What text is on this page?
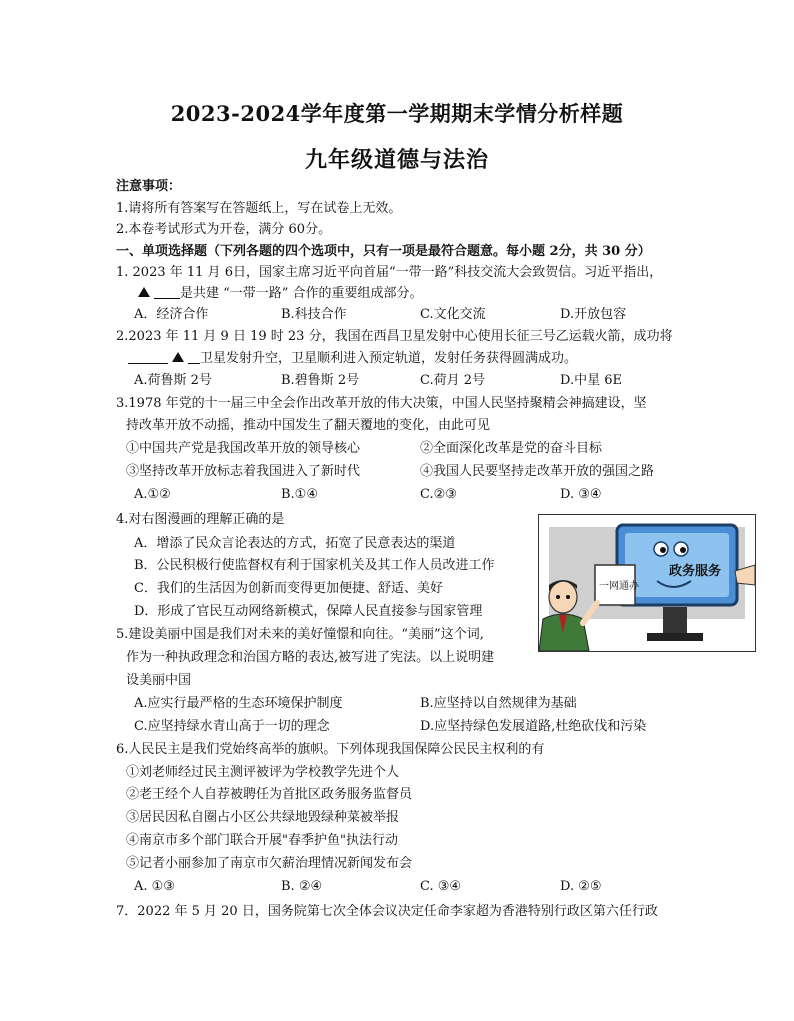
2023-2024学年度第一学期期末学情分析样题
九年级道德与法治
注意事项：
1.请将所有答案写在答题纸上，写在试卷上无效。
2.本卷考试形式为开卷，满分 60分。
一、单项选择题（下列各题的四个选项中，只有一项是最符合题意。每小题 2分，共 30 分）
1. 2023 年 11 月 6日，国家主席习近平向首届“一带一路”科技交流大会致贺信。习近平指出，
是共建 “一带一路” 合作的重要组成部分。
A．经济合作	B.科技合作	C.文化交流	D.开放包容
2.2023 年 11 月 9 日 19 时 23 分，我国在西昌卫星发射中心使用长征三号乙运载火箭，成功将
卫星发射升空，卫星顺利进入预定轨道，发射任务获得圆满成功。
A.荷鲁斯 2号	B.碧鲁斯 2号	C.荷月 2号	D.中星 6E
3.1978 年党的十一届三中全会作出改革开放的伟大决策，中国人民坚持聚精会神搞建设，坚
持改革开放不动摇，推动中国发生了翻天覆地的变化，由此可见
①中国共产党是我国改革开放的领导核心	②全面深化改革是党的奋斗目标
③坚持改革开放标志着我国进入了新时代	④我国人民要坚持走改革开放的强国之路
A.①②	B.①④	C.②③	D. ③④
4.对右图漫画的理解正确的是
A．增添了民众言论表达的方式，拓宽了民意表达的渠道
B．公民积极行使监督权有利于国家机关及其工作人员改进工作
C．我们的生活因为创新而变得更加便捷、舒适、美好
D．形成了官民互动网络新模式，保障人民直接参与国家管理
政务服务
一网通办
5.建设美丽中国是我们对未来的美好憧憬和向往。“美丽”这个词,
作为一种执政理念和治国方略的表达,被写进了宪法。以上说明建
设美丽中国
A.应实行最严格的生态环境保护制度	B.应坚持以自然规律为基础
C.应坚持绿水青山高于一切的理念	D.应坚持绿色发展道路,杜绝砍伐和污染
6.人民民主是我们党始终高举的旗帜。下列体现我国保障公民民主权利的有
①刘老师经过民主测评被评为学校教学先进个人
②老王经个人自荐被聘任为首批区政务服务监督员
③居民因私自圈占小区公共绿地毁绿种菜被举报
④南京市多个部门联合开展"春季护鱼"执法行动
⑤记者小丽参加了南京市欠薪治理情况新闻发布会
A. ①③	B. ②④	C. ③④	D. ②⑤
7．2022 年 5 月 20 日，国务院第七次全体会议决定任命李家超为香港特别行政区第六任行政
